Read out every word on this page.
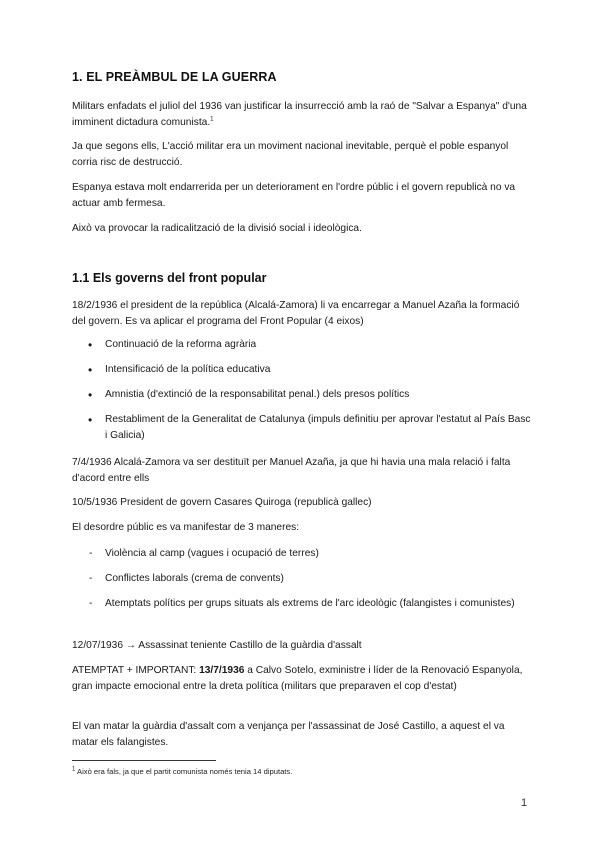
1. EL PREÀMBUL DE LA GUERRA

Militars enfadats el juliol del 1936 van justificar la insurrecció amb la raó de "Salvar a Espanya" d'una imminent dictadura comunista.$^1$

Ja que segons ells, L'acció militar era un moviment nacional inevitable, perquè el poble espanyol corria risc de destrucció.

Espanya estava molt endarrerida per un deteriorament en l'ordre públic i el govern republicà no va actuar amb fermesa.

Això va provocar la radicalització de la divisió social i ideològica.

1.1 Els governs del front popular

18/2/1936 el president de la república (Alcalá-Zamora) li va encarregar a Manuel Azaña la formació del govern. Es va aplicar el programa del Front Popular (4 eixos)

• Continuació de la reforma agrària
• Intensificació de la política educativa
• Amnistia (d'extinció de la responsabilitat penal.) dels presos polítics
• Restabliment de la Generalitat de Catalunya (impuls definitiu per aprovar l'estatut al País Basc i Galicia)

7/4/1936 Alcalá-Zamora va ser destituït per Manuel Azaña, ja que hi havia una mala relació i falta d'acord entre ells

10/5/1936 President de govern Casares Quiroga (republicà gallec)

El desordre públic es va manifestar de 3 maneres:

- Violència al camp (vagues i ocupació de terres)
- Conflictes laborals (crema de convents)
- Atemptats polítics per grups situats als extrems de l'arc ideològic (falangistes i comunistes)

12/07/1936 → Assassinat teniente Castillo de la guàrdia d'assalt

ATEMPTAT + IMPORTANT: 13/7/1936 a Calvo Sotelo, exministre i líder de la Renovació Espanyola, gran impacte emocional entre la dreta política (militars que preparaven el cop d'estat)

El van matar la guàrdia d'assalt com a venjança per l'assassinat de José Castillo, a aquest el va matar els falangistes.

$^1$ Això era fals, ja que el partit comunista només tenia 14 diputats.

1
